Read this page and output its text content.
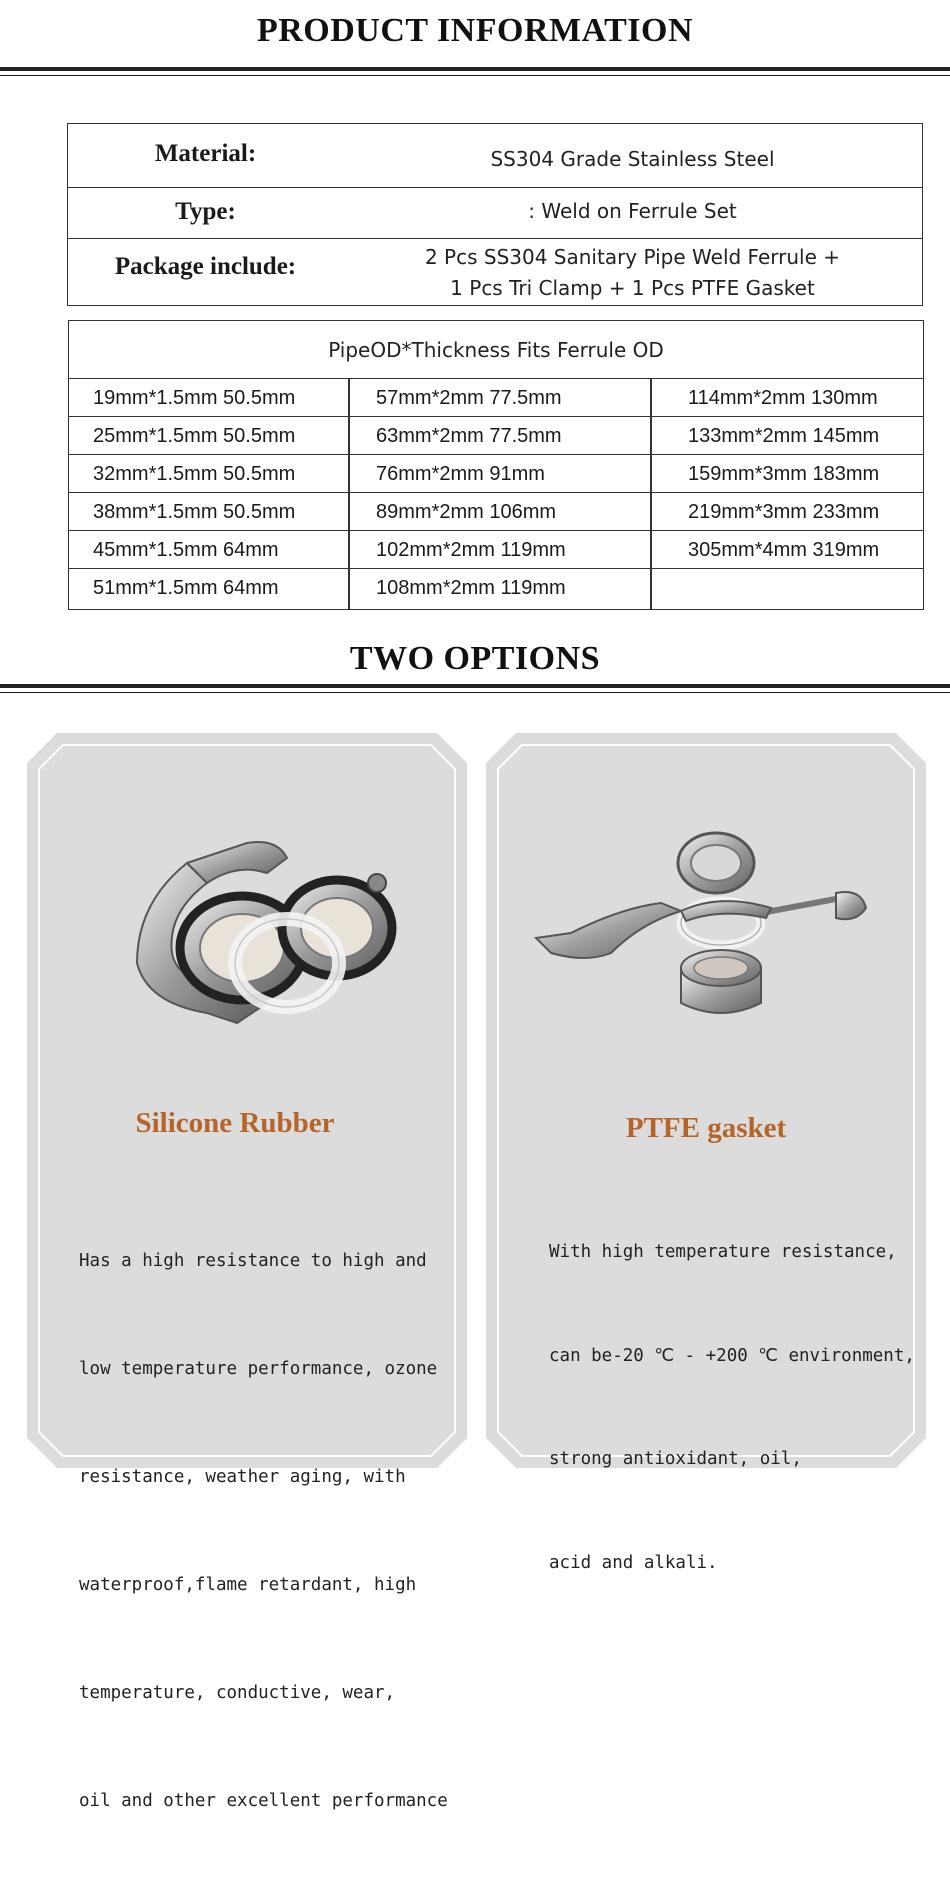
PRODUCT INFORMATION
Material:	SS304 Grade Stainless Steel
Type:	: Weld on Ferrule Set
Package include:	2 Pcs SS304 Sanitary Pipe Weld Ferrule +
1 Pcs Tri Clamp + 1 Pcs PTFE Gasket
PipeOD*Thickness Fits Ferrule OD
19mm*1.5mm 50.5mm	57mm*2mm 77.5mm	114mm*2mm 130mm
25mm*1.5mm 50.5mm	63mm*2mm 77.5mm	133mm*2mm 145mm
32mm*1.5mm 50.5mm	76mm*2mm 91mm	159mm*3mm 183mm
38mm*1.5mm 50.5mm	89mm*2mm 106mm	219mm*3mm 233mm
45mm*1.5mm 64mm	102mm*2mm 119mm	305mm*4mm 319mm
51mm*1.5mm 64mm	108mm*2mm 119mm
TWO OPTIONS
Silicone Rubber

Has a high resistance to high and

low temperature performance, ozone

resistance, weather aging, with

waterproof,flame retardant, high

temperature, conductive, wear,

oil and other excellent performance

PTFE gasket

With high temperature resistance,

can be-20 ℃ - +200 ℃ environment,

strong antioxidant, oil,

acid and alkali.
